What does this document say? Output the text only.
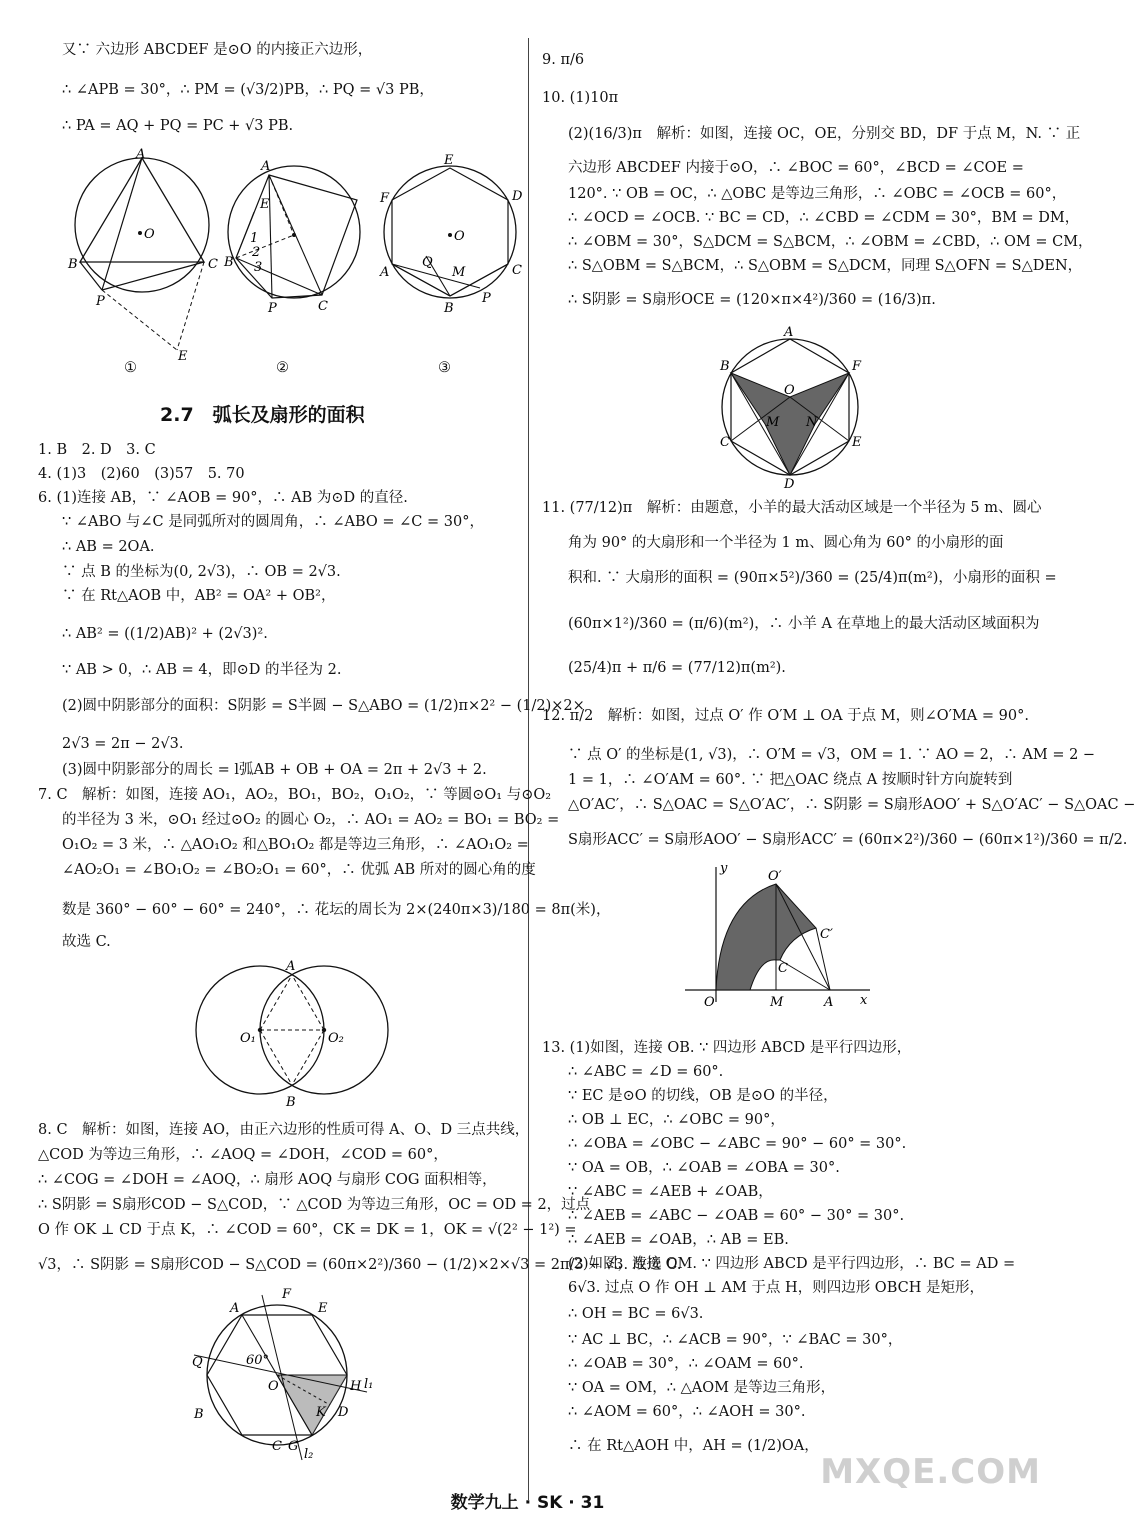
又∵ 六边形 ABCDEF 是⊙O 的内接正六边形，
∴ ∠APB = 30°，∴ PM = (√3/2)PB，∴ PQ = √3 PB，
∴ PA = AQ + PQ = PC + √3 PB.
A
B	C
P
E
O
A
B
C
P
E
1
2
3
E
D
F
A	C
B
P
Q
M
O
①	②	③
2.7　弧长及扇形的面积
1. B　2. D　3. C
4. (1)3　(2)60　(3)57　5. 70
6. (1)连接 AB，∵ ∠AOB = 90°，∴ AB 为⊙D 的直径.
∵ ∠ABO 与∠C 是同弧所对的圆周角，∴ ∠ABO = ∠C = 30°，
∴ AB = 2OA.
∵ 点 B 的坐标为(0, 2√3)，∴ OB = 2√3.
∵ 在 Rt△AOB 中，AB² = OA² + OB²，
∴ AB² = ((1/2)AB)² + (2√3)².
∵ AB > 0，∴ AB = 4，即⊙D 的半径为 2.
(2)圆中阴影部分的面积：S阴影 = S半圆 − S△ABO = (1/2)π×2² − (1/2)×2×
2√3 = 2π − 2√3.
(3)圆中阴影部分的周长 = l弧AB + OB + OA = 2π + 2√3 + 2.
7. C　解析：如图，连接 AO₁，AO₂，BO₁，BO₂，O₁O₂，∵ 等圆⊙O₁ 与⊙O₂
的半径为 3 米，⊙O₁ 经过⊙O₂ 的圆心 O₂，∴ AO₁ = AO₂ = BO₁ = BO₂ =
O₁O₂ = 3 米，∴ △AO₁O₂ 和△BO₁O₂ 都是等边三角形，∴ ∠AO₁O₂ =
∠AO₂O₁ = ∠BO₁O₂ = ∠BO₂O₁ = 60°，∴ 优弧 AB 所对的圆心角的度
数是 360° − 60° − 60° = 240°，∴ 花坛的周长为 2×(240π×3)/180 = 8π(米)，
故选 C.
A
B
O₁	O₂
8. C　解析：如图，连接 AO，由正六边形的性质可得 A、O、D 三点共线，
△COD 为等边三角形，∴ ∠AOQ = ∠DOH，∠COD = 60°，
∴ ∠COG = ∠DOH = ∠AOQ，∴ 扇形 AOQ 与扇形 COG 面积相等，
∴ S阴影 = S扇形COD − S△COD，∵ △COD 为等边三角形，OC = OD = 2，过点
O 作 OK ⊥ CD 于点 K，∴ ∠COD = 60°，CK = DK = 1，OK = √(2² − 1²) =
√3，∴ S阴影 = S扇形COD − S△COD = (60π×2²)/360 − (1/2)×2×√3 = 2π/3 − √3. 故选 C.
F
A	E
Q
O	H
B	D
K
C G
60°
l₁
l₂
9. π/6
10. (1)10π
(2)(16/3)π　解析：如图，连接 OC，OE，分别交 BD，DF 于点 M，N. ∵ 正
六边形 ABCDEF 内接于⊙O，∴ ∠BOC = 60°，∠BCD = ∠COE =
120°. ∵ OB = OC，∴ △OBC 是等边三角形，∴ ∠OBC = ∠OCB = 60°，
∴ ∠OCD = ∠OCB. ∵ BC = CD，∴ ∠CBD = ∠CDM = 30°，BM = DM，
∴ ∠OBM = 30°，S△DCM = S△BCM，∴ ∠OBM = ∠CBD，∴ OM = CM，
∴ S△OBM = S△BCM，∴ S△OBM = S△DCM，同理 S△OFN = S△DEN，
∴ S阴影 = S扇形OCE = (120×π×4²)/360 = (16/3)π.
A
B	F
O
M N
C	E
D
11. (77/12)π　解析：由题意，小羊的最大活动区域是一个半径为 5 m、圆心
角为 90° 的大扇形和一个半径为 1 m、圆心角为 60° 的小扇形的面
积和. ∵ 大扇形的面积 = (90π×5²)/360 = (25/4)π(m²)，小扇形的面积 =
(60π×1²)/360 = (π/6)(m²)，∴ 小羊 A 在草地上的最大活动区域面积为
(25/4)π + π/6 = (77/12)π(m²).
12. π/2　解析：如图，过点 O′ 作 O′M ⊥ OA 于点 M，则∠O′MA = 90°.
∵ 点 O′ 的坐标是(1, √3)，∴ O′M = √3，OM = 1. ∵ AO = 2，∴ AM = 2 −
1 = 1，∴ ∠O′AM = 60°. ∵ 把△OAC 绕点 A 按顺时针方向旋转到
△O′AC′，∴ S△OAC = S△O′AC′，∴ S阴影 = S扇形AOO′ + S△O′AC′ − S△OAC −
S扇形ACC′ = S扇形AOO′ − S扇形ACC′ = (60π×2²)/360 − (60π×1²)/360 = π/2.
y
O′
C′
C
O	M	A x
13. (1)如图，连接 OB. ∵ 四边形 ABCD 是平行四边形，
∴ ∠ABC = ∠D = 60°.
∵ EC 是⊙O 的切线，OB 是⊙O 的半径，
∴ OB ⊥ EC，∴ ∠OBC = 90°，
∴ ∠OBA = ∠OBC − ∠ABC = 90° − 60° = 30°.
∵ OA = OB，∴ ∠OAB = ∠OBA = 30°.
∵ ∠ABC = ∠AEB + ∠OAB，
∴ ∠AEB = ∠ABC − ∠OAB = 60° − 30° = 30°.
∴ ∠AEB = ∠OAB，∴ AB = EB.
(2)如图，连接 OM. ∵ 四边形 ABCD 是平行四边形，∴ BC = AD =
6√3. 过点 O 作 OH ⊥ AM 于点 H，则四边形 OBCH 是矩形，
∴ OH = BC = 6√3.
∵ AC ⊥ BC，∴ ∠ACB = 90°，∵ ∠BAC = 30°，
∴ ∠OAB = 30°，∴ ∠OAM = 60°.
∵ OA = OM，∴ △AOM 是等边三角形，
∴ ∠AOM = 60°，∴ ∠AOH = 30°.
∴ 在 Rt△AOH 中，AH = (1/2)OA，
数学九上 · SK · 31
MXQE.COM
